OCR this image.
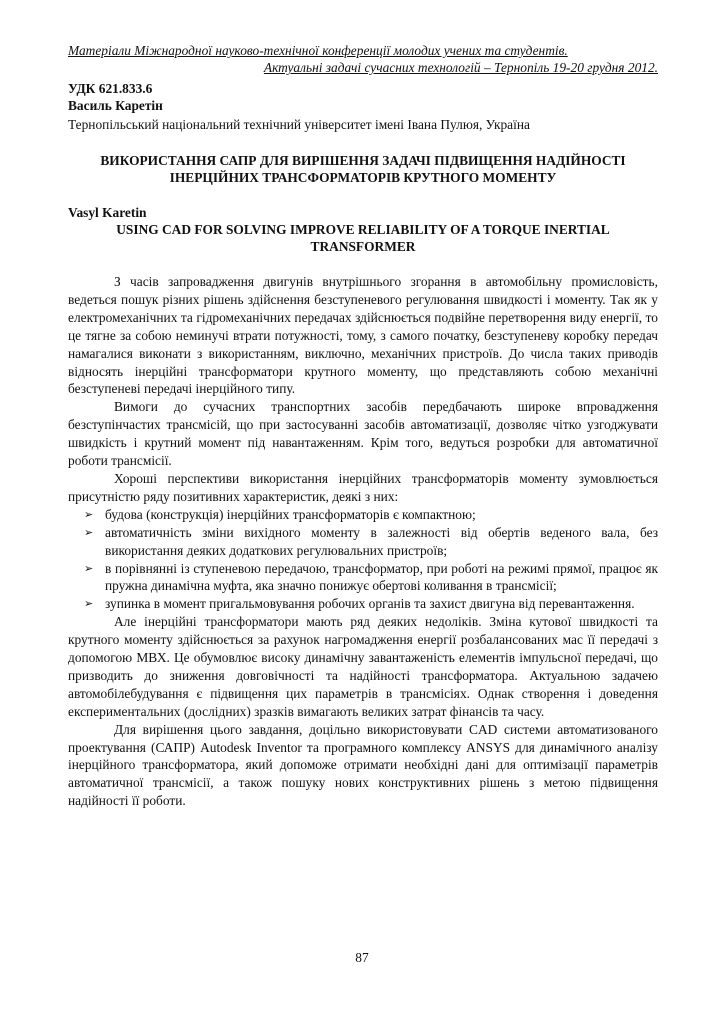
Матеріали Міжнародної науково-технічної конференції молодих учених та студентів.
Актуальні задачі сучасних технологій – Тернопіль 19-20 грудня 2012.
УДК 621.833.6
Василь Каретін
Тернопільський національний технічний університет імені Івана Пулюя, Україна
ВИКОРИСТАННЯ САПР ДЛЯ ВИРІШЕННЯ ЗАДАЧІ ПІДВИЩЕННЯ НАДІЙНОСТІ ІНЕРЦІЙНИХ ТРАНСФОРМАТОРІВ КРУТНОГО МОМЕНТУ
Vasyl Karetin
USING CAD FOR SOLVING IMPROVE RELIABILITY OF A TORQUE INERTIAL TRANSFORMER

З часів запровадження двигунів внутрішнього згорання в автомобільну промисловість, ведеться пошук різних рішень здійснення безступеневого регулювання швидкості і моменту. Так як у електромеханічних та гідромеханічних передачах здійснюється подвійне перетворення виду енергії, то це тягне за собою неминучі втрати потужності, тому, з самого початку, безступеневу коробку передач намагалися виконати з використанням, виключно, механічних пристроїв. До числа таких приводів відносять інерційні трансформатори крутного моменту, що представляють собою механічні безступеневі передачі інерційного типу.

Вимоги до сучасних транспортних засобів передбачають широке впровадження безступінчастих трансмісій, що при застосуванні засобів автоматизації, дозволяє чітко узгоджувати швидкість і крутний момент під навантаженням. Крім того, ведуться розробки для автоматичної роботи трансмісії.

Хороші перспективи використання інерційних трансформаторів моменту зумовлюється присутністю ряду позитивних характеристик, деякі з них:

➢ будова (конструкція) інерційних трансформаторів є компактною;
➢ автоматичність зміни вихідного моменту в залежності від обертів веденого вала, без використання деяких додаткових регулювальних пристроїв;
➢ в порівнянні із ступеневою передачою, трансформатор, при роботі на режимі прямої, працює як пружна динамічна муфта, яка значно понижує обертові коливання в трансмісії;
➢ зупинка в момент пригальмовування робочих органів та захист двигуна від перевантаження.

Але інерційні трансформатори мають ряд деяких недоліків. Зміна кутової швидкості та крутного моменту здійснюється за рахунок нагромадження енергії розбалансованих мас її передачі з допомогою МВХ. Це обумовлює високу динамічну завантаженість елементів імпульсної передачі, що призводить до зниження довговічності та надійності трансформатора. Актуальною задачею автомобілебудування є підвищення цих параметрів в трансмісіях. Однак створення і доведення експериментальних (дослідних) зразків вимагають великих затрат фінансів та часу.

Для вирішення цього завдання, доцільно використовувати CAD системи автоматизованого проектування (САПР) Autodesk Inventor та програмного комплексу ANSYS для динамічного аналізу інерційного трансформатора, який допоможе отримати необхідні дані для оптимізації параметрів автоматичної трансмісії, а також пошуку нових конструктивних рішень з метою підвищення надійності її роботи.

87
